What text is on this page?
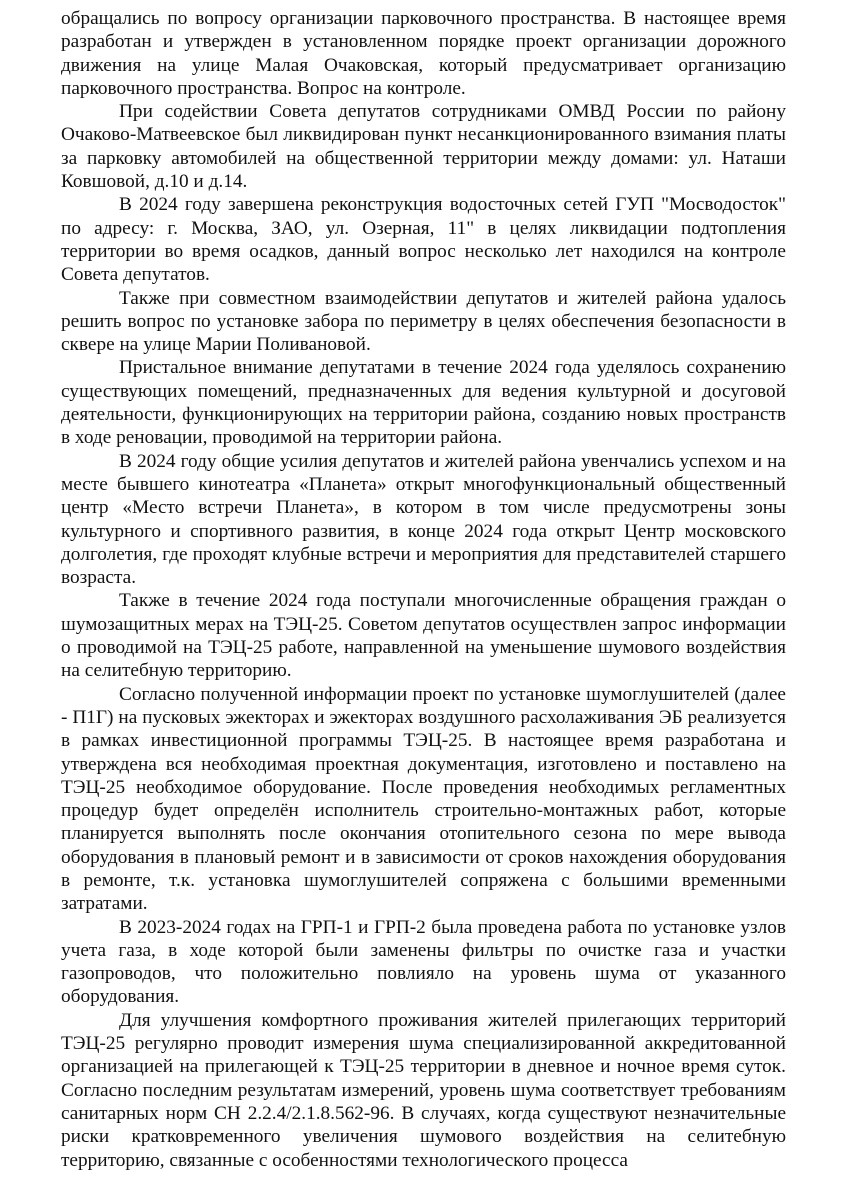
обращались по вопросу организации парковочного пространства. В настоящее время разработан и утвержден в установленном порядке проект организации дорожного движения на улице Малая Очаковская, который предусматривает организацию парковочного пространства. Вопрос на контроле.

При содействии Совета депутатов сотрудниками ОМВД России по району Очаково-Матвеевское был ликвидирован пункт несанкционированного взимания платы за парковку автомобилей на общественной территории между домами: ул. Наташи Ковшовой, д.10 и д.14.

В 2024 году завершена реконструкция водосточных сетей ГУП "Мосводосток" по адресу: г. Москва, ЗАО, ул. Озерная, 11" в целях ликвидации подтопления территории во время осадков, данный вопрос несколько лет находился на контроле Совета депутатов.

Также при совместном взаимодействии депутатов и жителей района удалось решить вопрос по установке забора по периметру в целях обеспечения безопасности в сквере на улице Марии Поливановой.

Пристальное внимание депутатами в течение 2024 года уделялось сохранению существующих помещений, предназначенных для ведения культурной и досуговой деятельности, функционирующих на территории района, созданию новых пространств в ходе реновации, проводимой на территории района.

В 2024 году общие усилия депутатов и жителей района увенчались успехом и на месте бывшего кинотеатра «Планета» открыт многофункциональный общественный центр «Место встречи Планета», в котором в том числе предусмотрены зоны культурного и спортивного развития, в конце 2024 года открыт Центр московского долголетия, где проходят клубные встречи и мероприятия для представителей старшего возраста.

Также в течение 2024 года поступали многочисленные обращения граждан о шумозащитных мерах на ТЭЦ-25. Советом депутатов осуществлен запрос информации о проводимой на ТЭЦ-25 работе, направленной на уменьшение шумового воздействия на селитебную территорию.

Согласно полученной информации проект по установке шумоглушителей (далее - П1Г) на пусковых эжекторах и эжекторах воздушного расхолаживания ЭБ реализуется в рамках инвестиционной программы ТЭЦ-25. В настоящее время разработана и утверждена вся необходимая проектная документация, изготовлено и поставлено на ТЭЦ-25 необходимое оборудование. После проведения необходимых регламентных процедур будет определён исполнитель строительно-монтажных работ, которые планируется выполнять после окончания отопительного сезона по мере вывода оборудования в плановый ремонт и в зависимости от сроков нахождения оборудования в ремонте, т.к. установка шумоглушителей сопряжена с большими временными затратами.

В 2023-2024 годах на ГРП-1 и ГРП-2 была проведена работа по установке узлов учета газа, в ходе которой были заменены фильтры по очистке газа и участки газопроводов, что положительно повлияло на уровень шума от указанного оборудования.

Для улучшения комфортного проживания жителей прилегающих территорий ТЭЦ-25 регулярно проводит измерения шума специализированной аккредитованной организацией на прилегающей к ТЭЦ-25 территории в дневное и ночное время суток. Согласно последним результатам измерений, уровень шума соответствует требованиям санитарных норм СН 2.2.4/2.1.8.562-96. В случаях, когда существуют незначительные риски кратковременного увеличения шумового воздействия на селитебную территорию, связанные с особенностями технологического процесса
